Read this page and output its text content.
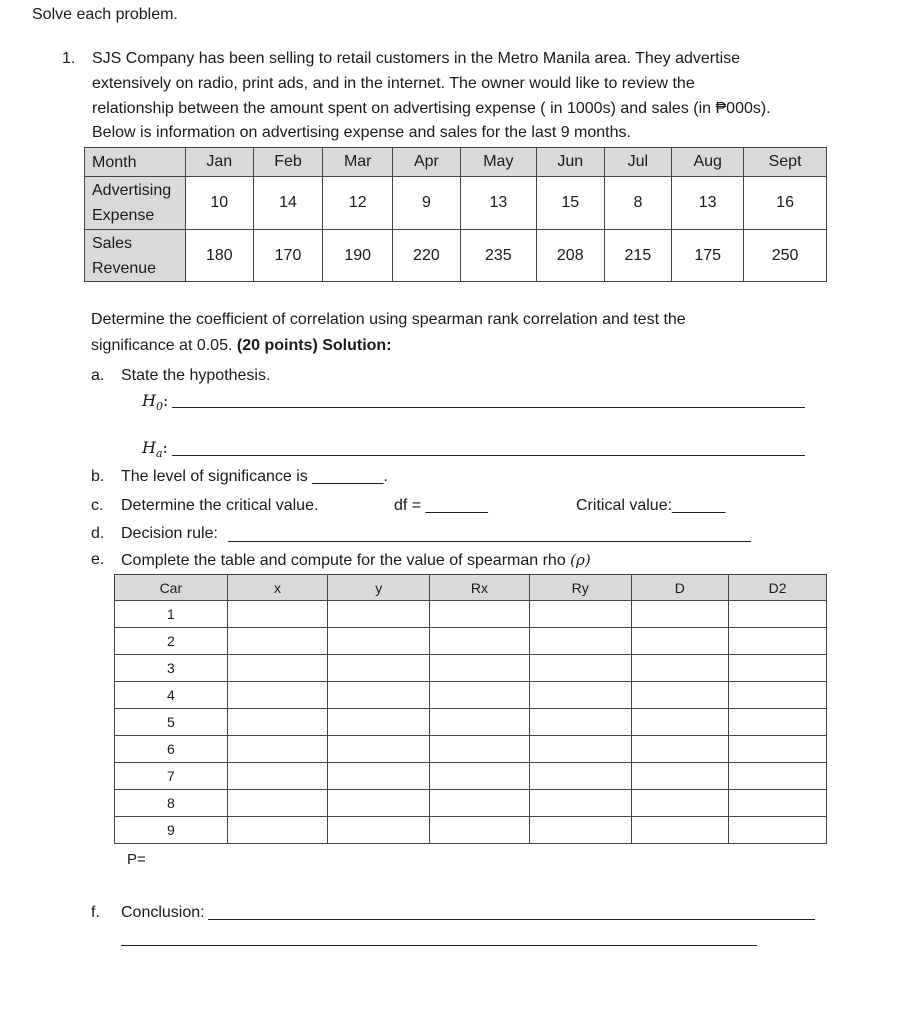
Solve each problem.
1. SJS Company has been selling to retail customers in the Metro Manila area. They advertise
extensively on radio, print ads, and in the internet. The owner would like to review the
relationship between the amount spent on advertising expense ( in 1000s) and sales (in ₱000s).
Below is information on advertising expense and sales for the last 9 months.
Month	Jan	Feb	Mar	Apr	May	Jun	Jul	Aug	Sept
Advertising
Expense	10	14	12	9	13	15	8	13	16
Sales
Revenue	180	170	190	220	235	208	215	175	250
Determine the coefficient of correlation using spearman rank correlation and test the
significance at 0.05. (20 points) Solution:
a. State the hypothesis.
$H_0$:
$H_a$:
b. The level of significance is ________.
c. Determine the critical value.	df = _______	Critical value:______
d. Decision rule:
e. Complete the table and compute for the value of spearman rho (ρ)
Car	x	y	Rx	Ry	D	D2
1						
2						
3						
4						
5						
6						
7						
8						
9						
P=
f. Conclusion:
